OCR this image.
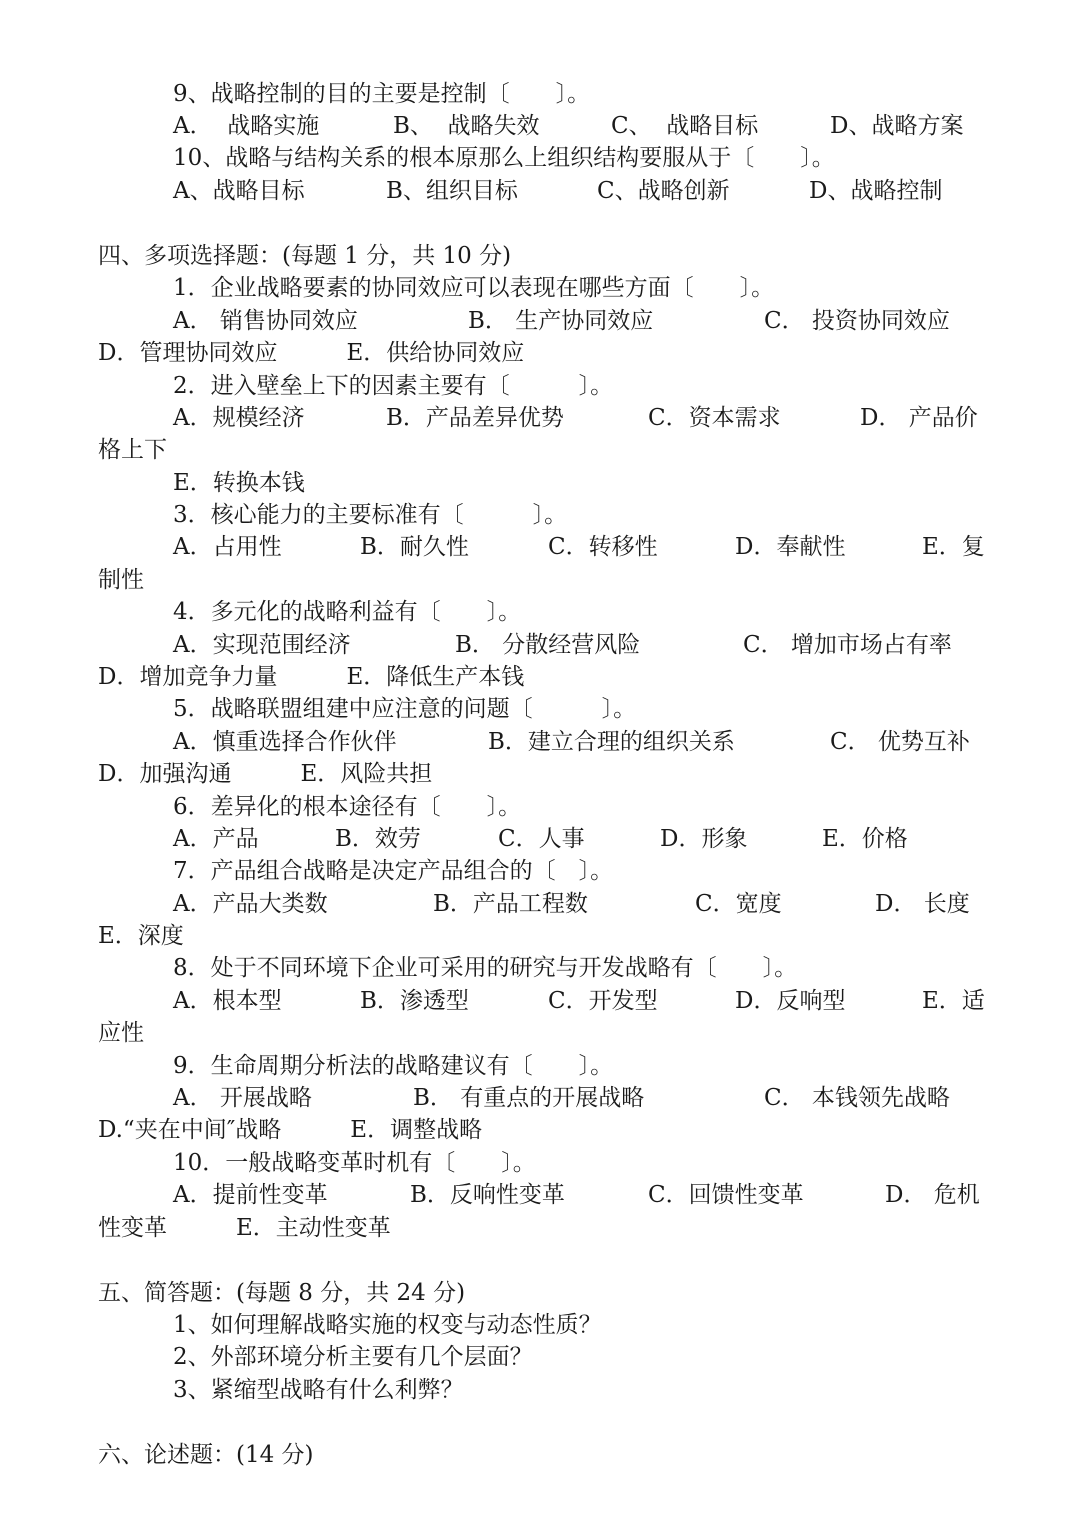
9、战略控制的目的主要是控制〔　　〕。
A．  战略实施	B、  战略失效	C、  战略目标	D、战略方案
10、战略与结构关系的根本原那么上组织结构要服从于〔　　〕。
A、战略目标	B、组织目标	C、战略创新	D、战略控制
四、多项选择题：(每题 1 分，共 10 分)
1．企业战略要素的协同效应可以表现在哪些方面〔　　〕。
A． 销售协同效应	B． 生产协同效应	C． 投资协同效应
D．管理协同效应　　　E．供给协同效应
2．进入壁垒上下的因素主要有〔　　　〕。
A．规模经济	B．产品差异优势	C．资本需求	D． 产品价
格上下
E．转换本钱
3．核心能力的主要标准有〔　　　〕。
A．占用性	B．耐久性	C．转移性	D．奉献性	E．复
制性
4．多元化的战略利益有〔　　〕。
A．实现范围经济	B． 分散经营风险	C． 增加市场占有率
D．增加竞争力量　　　E．降低生产本钱
5．战略联盟组建中应注意的问题〔　　　〕。
A．慎重选择合作伙伴	B．建立合理的组织关系	C． 优势互补
D．加强沟通　　　E．风险共担
6．差异化的根本途径有〔　　〕。
A．产品	B．效劳	C．人事	D．形象	E．价格
7．产品组合战略是决定产品组合的〔　〕。
A．产品大类数	B．产品工程数	C．宽度	D． 长度
E．深度
8．处于不同环境下企业可采用的研究与开发战略有〔　　〕。
A．根本型	B．渗透型	C．开发型	D．反响型	E．适
应性
9．生命周期分析法的战略建议有〔　　〕。
A． 开展战略	B． 有重点的开展战略	C． 本钱领先战略
D.“夹在中间″战略　　　E．调整战略
10．一般战略变革时机有〔　　〕。
A．提前性变革	B．反响性变革	C．回馈性变革	D． 危机
性变革　　　E．主动性变革
五、简答题：(每题 8 分，共 24 分)
1、如何理解战略实施的权变与动态性质？
2、外部环境分析主要有几个层面？
3、紧缩型战略有什么利弊？
六、论述题：(14 分)
